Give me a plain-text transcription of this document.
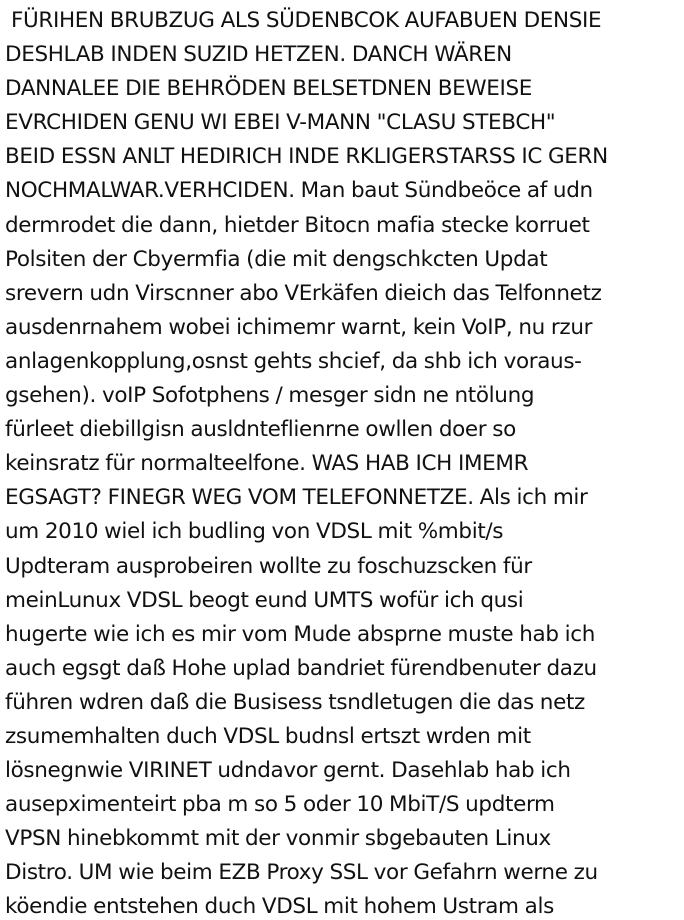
FÜRIHEN BRUBZUG ALS SÜDENBCOK AUFABUEN DENSIE
DESHLAB INDEN SUZID HETZEN. DANCH WÄREN
DANNALEE DIE BEHRÖDEN BELSETDNEN BEWEISE
EVRCHIDEN GENU WI EBEI V-MANN "CLASU STEBCH"
BEID ESSN ANLT HEDIRICH INDE RKLIGERSTARSS IC GERN
NOCHMALWAR.VERHCIDEN. Man baut Sündbeöce af udn
dermrodet die dann, hietder Bitocn mafia stecke korruet
Polsiten der Cbyermfia (die mit dengschkcten Updat
srevern udn Virscnner abo VErkäfen dieich das Telfonnetz
ausdenrnahem wobei ichimemr warnt, kein VoIP, nu rzur
anlagenkopplung,osnst gehts shcief, da shb ich voraus-
gsehen). voIP Sofotphens / mesger sidn ne ntölung
fürleet diebillgisn ausldnteflienrne owllen doer so
keinsratz für normalteelfone. WAS HAB ICH IMEMR
EGSAGT? FINEGR WEG VOM TELEFONNETZE. Als ich mir
um 2010 wiel ich budling von VDSL mit %mbit/s
Updteram ausprobeiren wollte zu foschuzscken für
meinLunux VDSL beogt eund UMTS wofür ich qusi
hugerte wie ich es mir vom Mude absprne muste hab ich
auch egsgt daß Hohe uplad bandriet fürendbenuter dazu
führen wdren daß die Busisess tsndletugen die das netz
zsumemhalten duch VDSL budnsl ertszt wrden mit
lösnegnwie VIRINET udndavor gernt. Dasehlab hab ich
ausepximenteirt pba m so 5 oder 10 MbiT/S updterm
VPSN hinebkommt mit der vonmir sbgebauten Linux
Distro. UM wie beim EZB Proxy SSL vor Gefahrn werne zu
köendie entstehen duch VDSL mit hohem Ustram als
